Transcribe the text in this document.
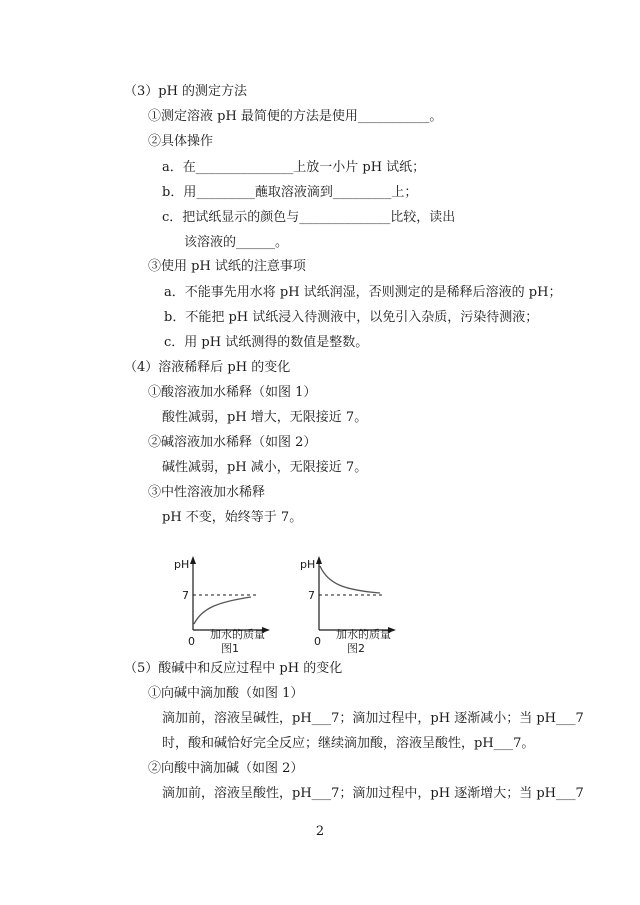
（3）pH 的测定方法
①测定溶液 pH 最简便的方法是使用___________。
②具体操作
a．在_______________上放一小片 pH 试纸；
b．用_________蘸取溶液滴到_________上；
c．把试纸显示的颜色与______________比较，读出
该溶液的______。
③使用 pH 试纸的注意事项
a．不能事先用水将 pH 试纸润湿，否则测定的是稀释后溶液的 pH；
b．不能把 pH 试纸浸入待测液中，以免引入杂质，污染待测液；
c．用 pH 试纸测得的数值是整数。
（4）溶液稀释后 pH 的变化
①酸溶液加水稀释（如图 1）
酸性减弱，pH 增大，无限接近 7。
②碱溶液加水稀释（如图 2）
碱性减弱，pH 减小，无限接近 7。
③中性溶液加水稀释
pH 不变，始终等于 7。
pH
7
0
加水的质量
图1
pH
7
0
加水的质量
图2
（5）酸碱中和反应过程中 pH 的变化
①向碱中滴加酸（如图 1）
滴加前，溶液呈碱性，pH___7；滴加过程中，pH 逐渐减小；当 pH___7
时，酸和碱恰好完全反应；继续滴加酸，溶液呈酸性，pH___7。
②向酸中滴加碱（如图 2）
滴加前，溶液呈酸性，pH___7；滴加过程中，pH 逐渐增大；当 pH___7
2
